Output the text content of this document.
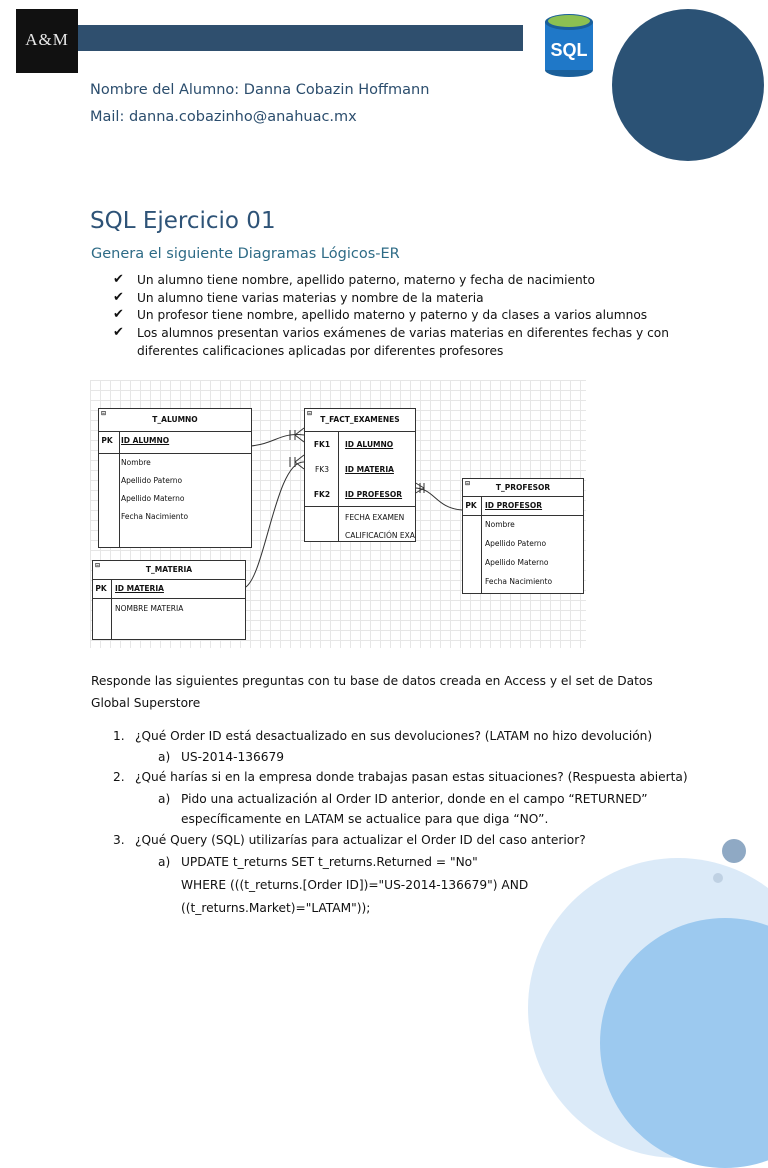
A&M
SQL
Nombre del Alumno: Danna Cobazin Hoffmann
Mail: danna.cobazinho@anahuac.mx
SQL Ejercicio 01
Genera el siguiente Diagramas Lógicos-ER
✔	Un alumno tiene nombre, apellido paterno, materno y fecha de nacimiento
✔	Un alumno tiene varias materias y nombre de la materia
✔	Un profesor tiene nombre, apellido materno y paterno y da clases a varios alumnos
✔	Los alumnos presentan varios exámenes de varias materias en diferentes fechas y con diferentes calificaciones aplicadas por diferentes profesores
⊟
T_ALUMNO
PK	ID ALUMNO
Nombre
Apellido Paterno
Apellido Materno
Fecha Nacimiento
⊟
T_FACT_EXAMENES
FK1	ID ALUMNO
FK3	ID MATERIA
FK2	ID PROFESOR
FECHA EXAMEN
CALIFICACIÓN EXA
⊟	T_PROFESOR
PK	ID PROFESOR
Nombre
Apellido Paterno
Apellido Materno
Fecha Nacimiento
⊟	T_MATERIA
PK	ID MATERIA
NOMBRE MATERIA
Responde las siguientes preguntas con tu base de datos creada en Access y el set de Datos Global Superstore
1. ¿Qué Order ID está desactualizado en sus devoluciones? (LATAM no hizo devolución)
a) US-2014-136679
2. ¿Qué harías si en la empresa donde trabajas pasan estas situaciones? (Respuesta abierta)
a) Pido una actualización al Order ID anterior, donde en el campo “RETURNED”
específicamente en LATAM se actualice para que diga “NO”.
3. ¿Qué Query (SQL) utilizarías para actualizar el Order ID del caso anterior?
a) UPDATE t_returns SET t_returns.Returned = "No"
WHERE (((t_returns.[Order ID])="US-2014-136679") AND
((t_returns.Market)="LATAM"));
